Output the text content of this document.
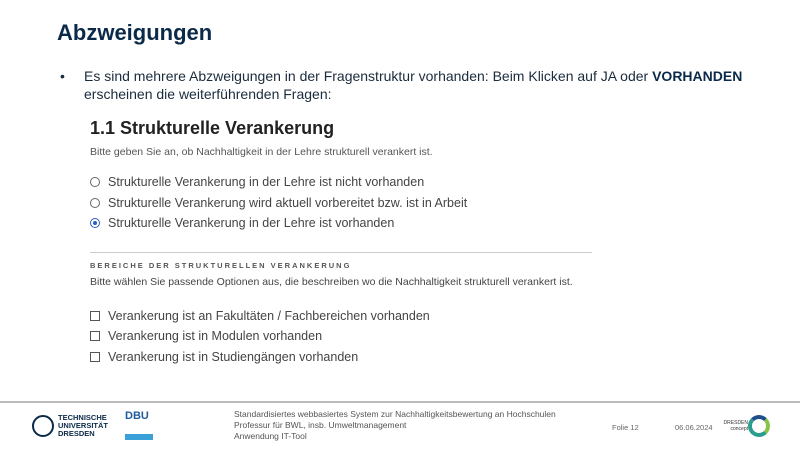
Abzweigungen
• Es sind mehrere Abzweigungen in der Fragenstruktur vorhanden: Beim Klicken auf JA oder VORHANDEN erscheinen die weiterführenden Fragen:
1.1 Strukturelle Verankerung
Bitte geben Sie an, ob Nachhaltigkeit in der Lehre strukturell verankert ist.
Strukturelle Verankerung in der Lehre ist nicht vorhanden
Strukturelle Verankerung wird aktuell vorbereitet bzw. ist in Arbeit
Strukturelle Verankerung in der Lehre ist vorhanden
BEREICHE DER STRUKTURELLEN VERANKERUNG
Bitte wählen Sie passende Optionen aus, die beschreiben wo die Nachhaltigkeit strukturell verankert ist.
Verankerung ist an Fakultäten / Fachbereichen vorhanden
Verankerung ist in Modulen vorhanden
Verankerung ist in Studiengängen vorhanden
TECHNISCHE
UNIVERSITÄT
DRESDEN
DBU	Standardisiertes webbasiertes System zur Nachhaltigkeitsbewertung an Hochschulen
Professur für BWL, insb. Umweltmanagement
Anwendung IT-Tool
Folie 12	06.06.2024	DRESDEN
concept
